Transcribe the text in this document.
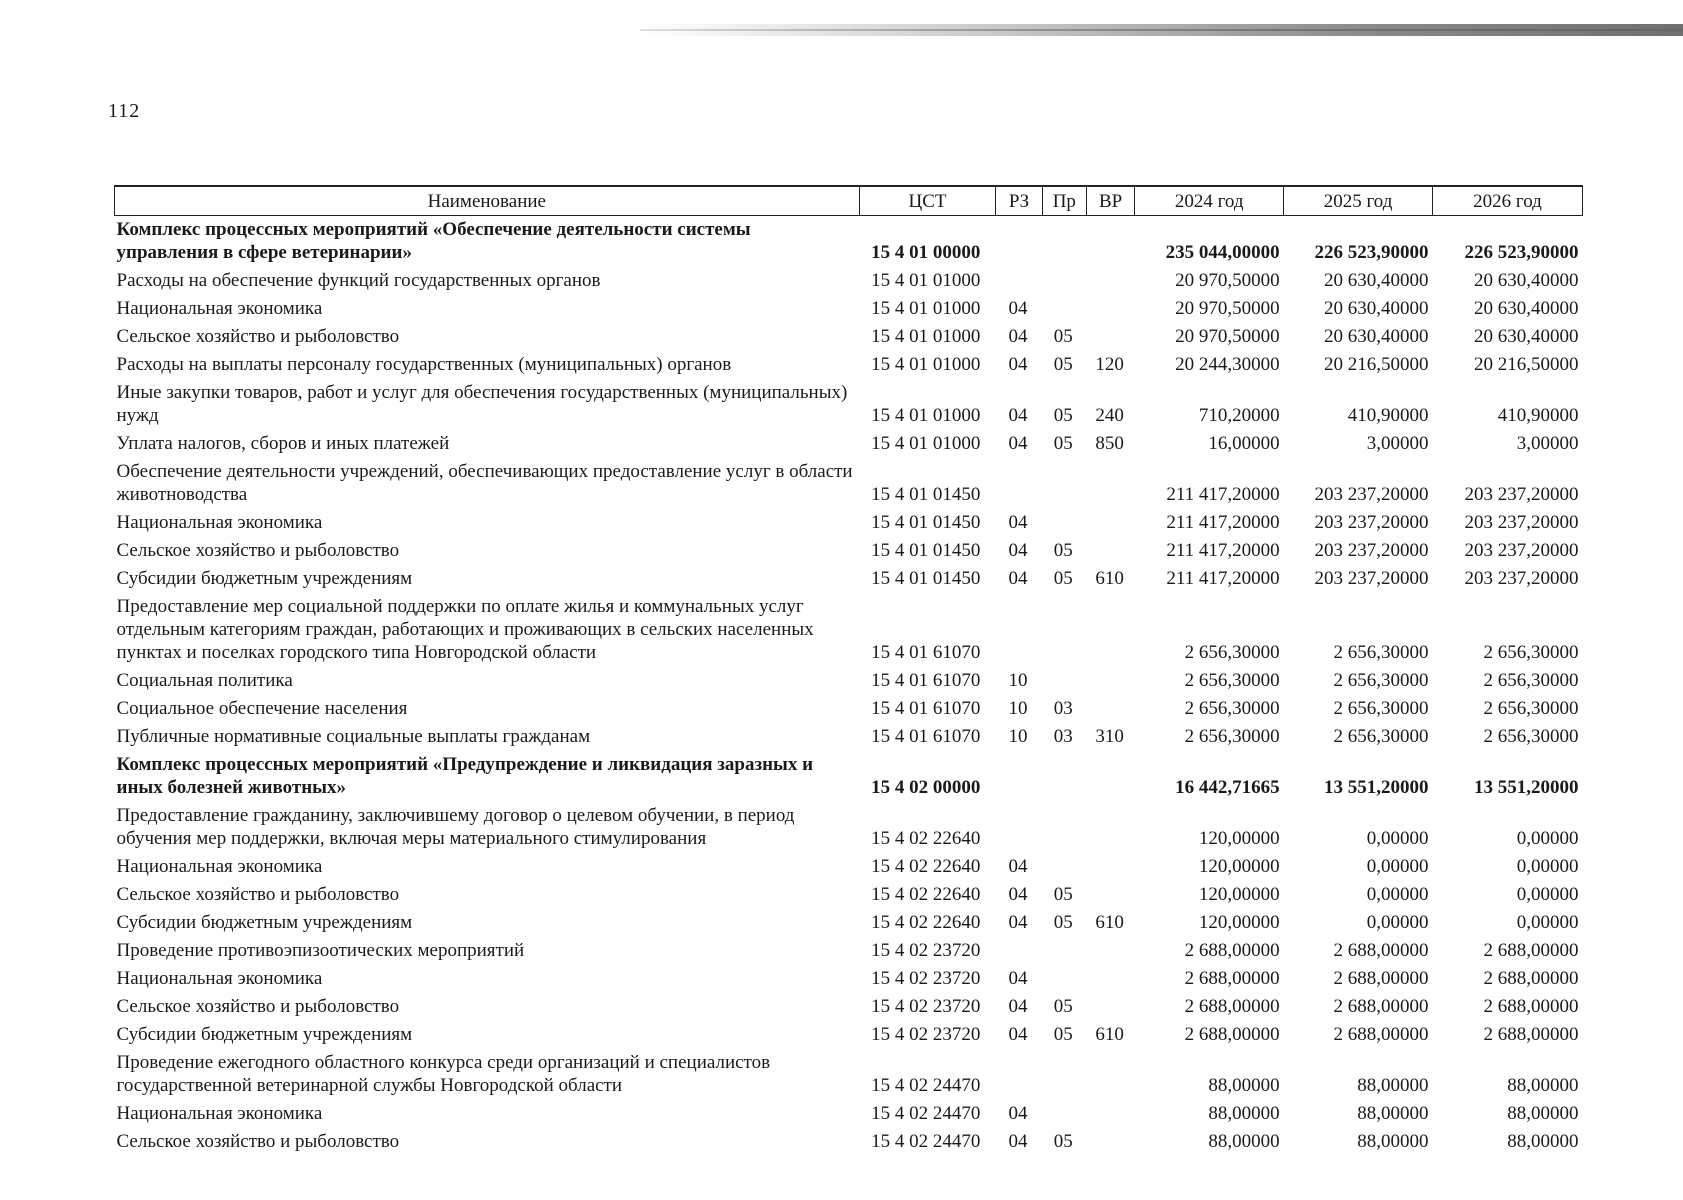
112
Наименование	ЦСТ	РЗ	Пр	ВР	2024 год	2025 год	2026 год
Комплекс процессных мероприятий «Обеспечение деятельности системы управления в сфере ветеринарии»	15 4 01 00000				235 044,00000	226 523,90000	226 523,90000
Расходы на обеспечение функций государственных органов	15 4 01 01000				20 970,50000	20 630,40000	20 630,40000
Национальная экономика	15 4 01 01000	04			20 970,50000	20 630,40000	20 630,40000
Сельское хозяйство и рыболовство	15 4 01 01000	04	05		20 970,50000	20 630,40000	20 630,40000
Расходы на выплаты персоналу государственных (муниципальных) органов	15 4 01 01000	04	05	120	20 244,30000	20 216,50000	20 216,50000
Иные закупки товаров, работ и услуг для обеспечения государственных (муниципальных) нужд	15 4 01 01000	04	05	240	710,20000	410,90000	410,90000
Уплата налогов, сборов и иных платежей	15 4 01 01000	04	05	850	16,00000	3,00000	3,00000
Обеспечение деятельности учреждений, обеспечивающих предоставление услуг в области животноводства	15 4 01 01450				211 417,20000	203 237,20000	203 237,20000
Национальная экономика	15 4 01 01450	04			211 417,20000	203 237,20000	203 237,20000
Сельское хозяйство и рыболовство	15 4 01 01450	04	05		211 417,20000	203 237,20000	203 237,20000
Субсидии бюджетным учреждениям	15 4 01 01450	04	05	610	211 417,20000	203 237,20000	203 237,20000
Предоставление мер социальной поддержки по оплате жилья и коммунальных услуг отдельным категориям граждан, работающих и проживающих в сельских населенных пунктах и поселках городского типа Новгородской области	15 4 01 61070				2 656,30000	2 656,30000	2 656,30000
Социальная политика	15 4 01 61070	10			2 656,30000	2 656,30000	2 656,30000
Социальное обеспечение населения	15 4 01 61070	10	03		2 656,30000	2 656,30000	2 656,30000
Публичные нормативные социальные выплаты гражданам	15 4 01 61070	10	03	310	2 656,30000	2 656,30000	2 656,30000
Комплекс процессных мероприятий «Предупреждение и ликвидация заразных и иных болезней животных»	15 4 02 00000				16 442,71665	13 551,20000	13 551,20000
Предоставление гражданину, заключившему договор о целевом обучении, в период обучения мер поддержки, включая меры материального стимулирования	15 4 02 22640				120,00000	0,00000	0,00000
Национальная экономика	15 4 02 22640	04			120,00000	0,00000	0,00000
Сельское хозяйство и рыболовство	15 4 02 22640	04	05		120,00000	0,00000	0,00000
Субсидии бюджетным учреждениям	15 4 02 22640	04	05	610	120,00000	0,00000	0,00000
Проведение противоэпизоотических мероприятий	15 4 02 23720				2 688,00000	2 688,00000	2 688,00000
Национальная экономика	15 4 02 23720	04			2 688,00000	2 688,00000	2 688,00000
Сельское хозяйство и рыболовство	15 4 02 23720	04	05		2 688,00000	2 688,00000	2 688,00000
Субсидии бюджетным учреждениям	15 4 02 23720	04	05	610	2 688,00000	2 688,00000	2 688,00000
Проведение ежегодного областного конкурса среди организаций и специалистов государственной ветеринарной службы Новгородской области	15 4 02 24470				88,00000	88,00000	88,00000
Национальная экономика	15 4 02 24470	04			88,00000	88,00000	88,00000
Сельское хозяйство и рыболовство	15 4 02 24470	04	05		88,00000	88,00000	88,00000
